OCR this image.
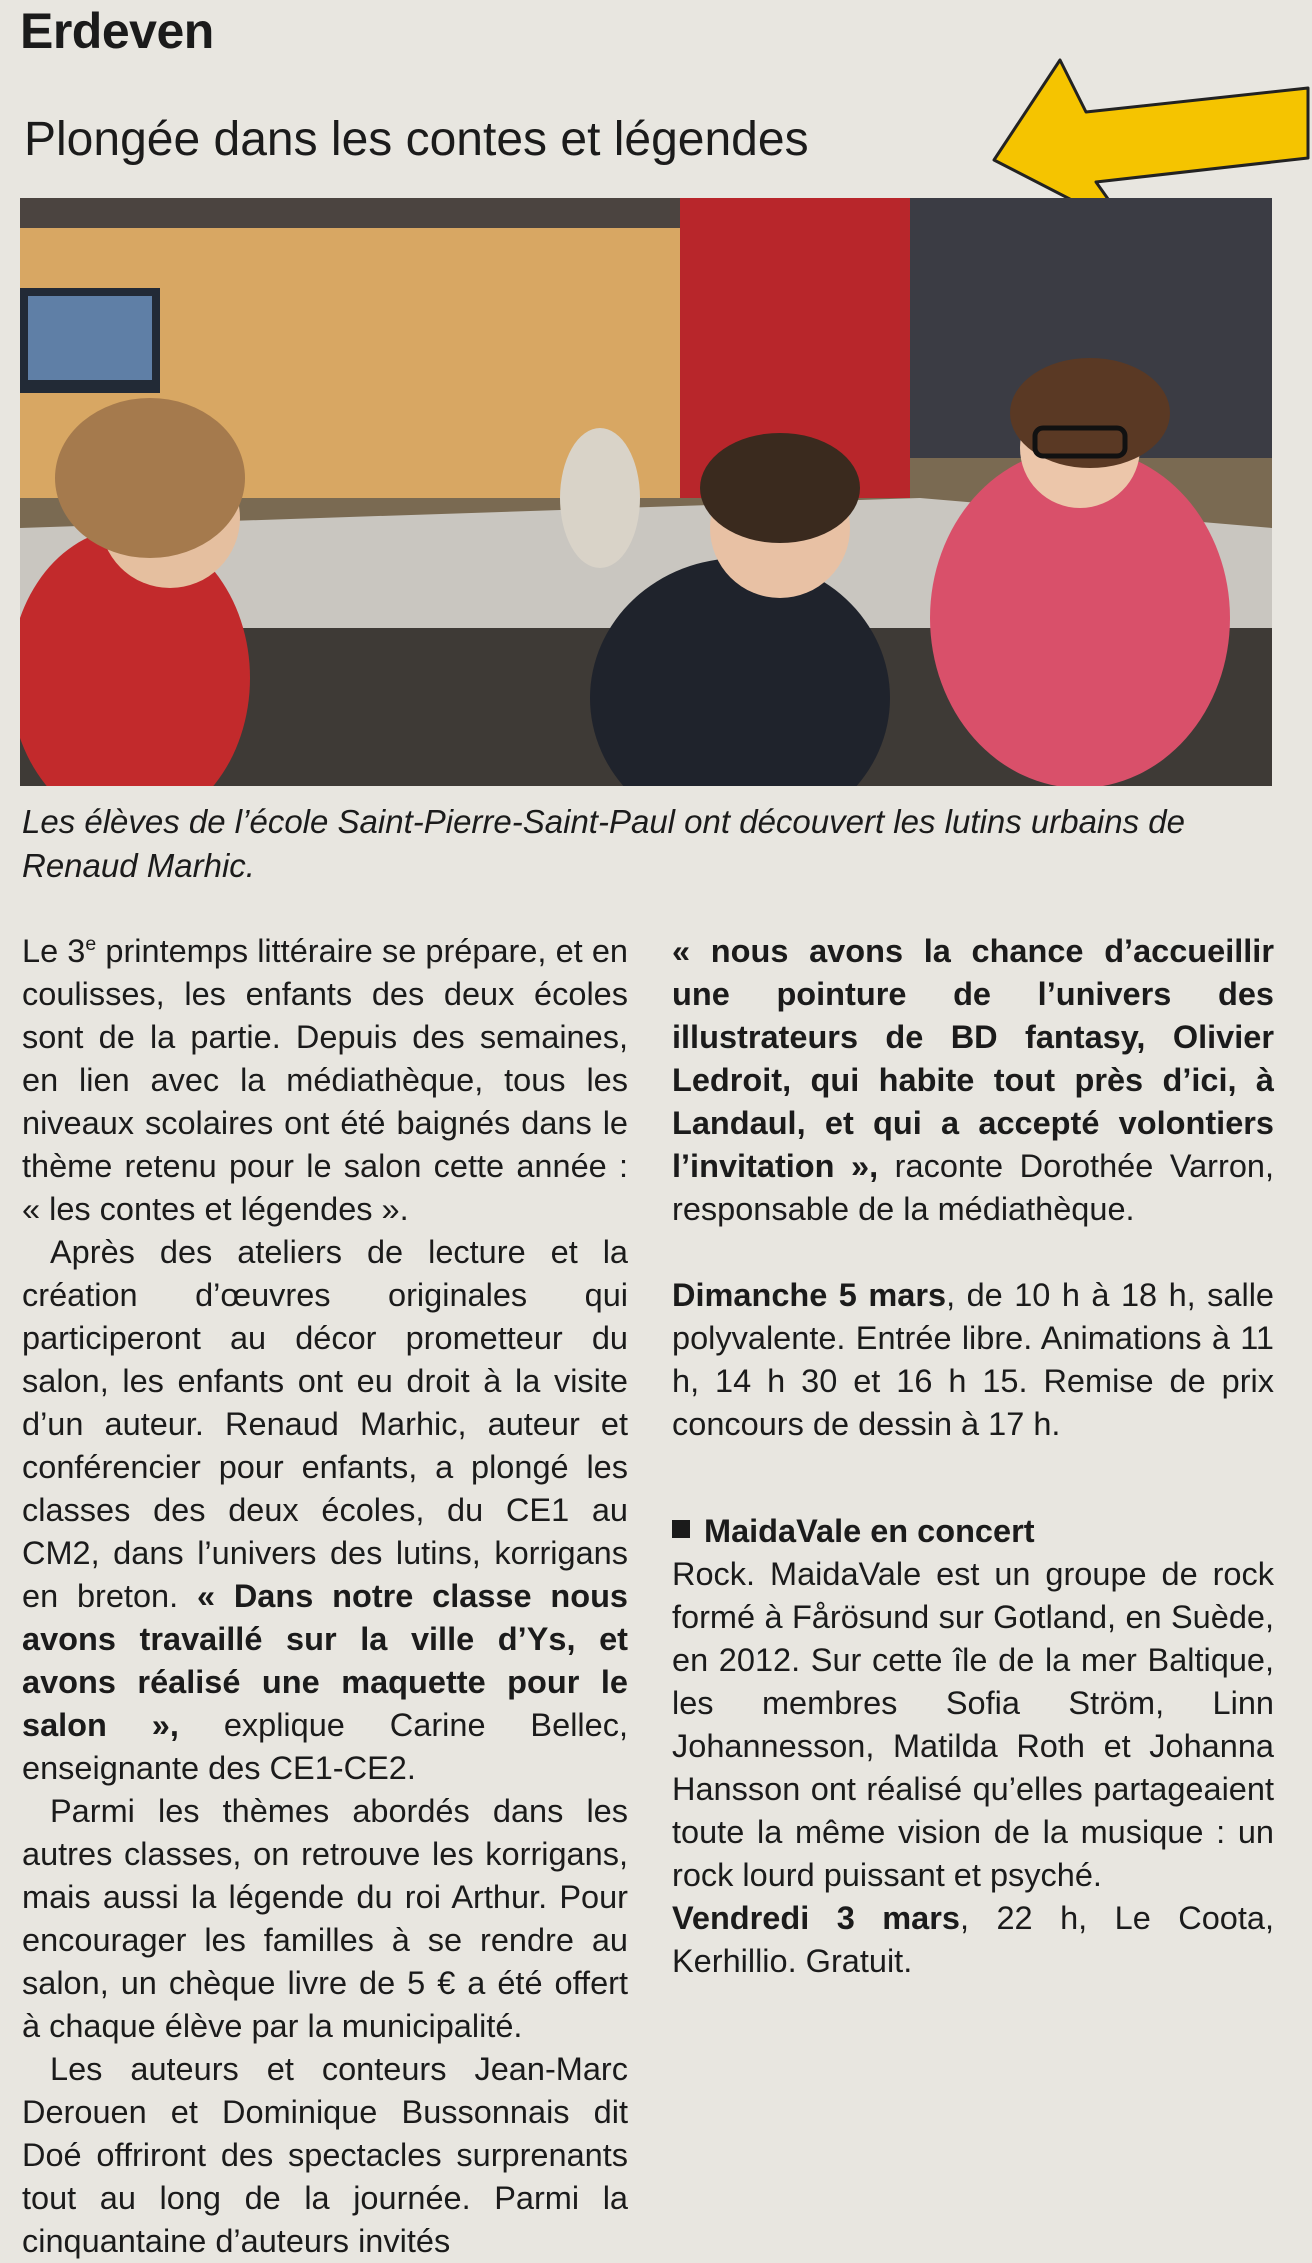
Erdeven
Plongée dans les contes et légendes
Les élèves de l’école Saint-Pierre-Saint-Paul ont découvert les lutins urbains de Renaud Marhic.

Le 3e printemps littéraire se prépare, et en coulisses, les enfants des deux écoles sont de la partie. Depuis des semaines, en lien avec la médiathèque, tous les niveaux scolaires ont été baignés dans le thème retenu pour le salon cette année : « les contes et légendes ».

Après des ateliers de lecture et la création d’œuvres originales qui participeront au décor prometteur du salon, les enfants ont eu droit à la visite d’un auteur. Renaud Marhic, auteur et conférencier pour enfants, a plongé les classes des deux écoles, du CE1 au CM2, dans l’univers des lutins, korrigans en breton. « Dans notre classe nous avons travaillé sur la ville d’Ys, et avons réalisé une maquette pour le salon », explique Carine Bellec, enseignante des CE1-CE2.

Parmi les thèmes abordés dans les autres classes, on retrouve les korrigans, mais aussi la légende du roi Arthur. Pour encourager les familles à se rendre au salon, un chèque livre de 5 € a été offert à chaque élève par la municipalité.

Les auteurs et conteurs Jean-Marc Derouen et Dominique Bussonnais dit Doé offriront des spectacles surprenants tout au long de la journée. Parmi la cinquantaine d’auteurs invités

« nous avons la chance d’accueillir une pointure de l’univers des illustrateurs de BD fantasy, Olivier Ledroit, qui habite tout près d’ici, à Landaul, et qui a accepté volontiers l’invitation », raconte Dorothée Varron, responsable de la médiathèque.

Dimanche 5 mars, de 10 h à 18 h, salle polyvalente. Entrée libre. Animations à 11 h, 14 h 30 et 16 h 15. Remise de prix concours de dessin à 17 h.

MaidaVale en concert

Rock. MaidaVale est un groupe de rock formé à Fårösund sur Gotland, en Suède, en 2012. Sur cette île de la mer Baltique, les membres Sofia Ström, Linn Johannesson, Matilda Roth et Johanna Hansson ont réalisé qu’elles partageaient toute la même vision de la musique : un rock lourd puissant et psyché.

Vendredi 3 mars, 22 h, Le Coota, Kerhillio. Gratuit.
